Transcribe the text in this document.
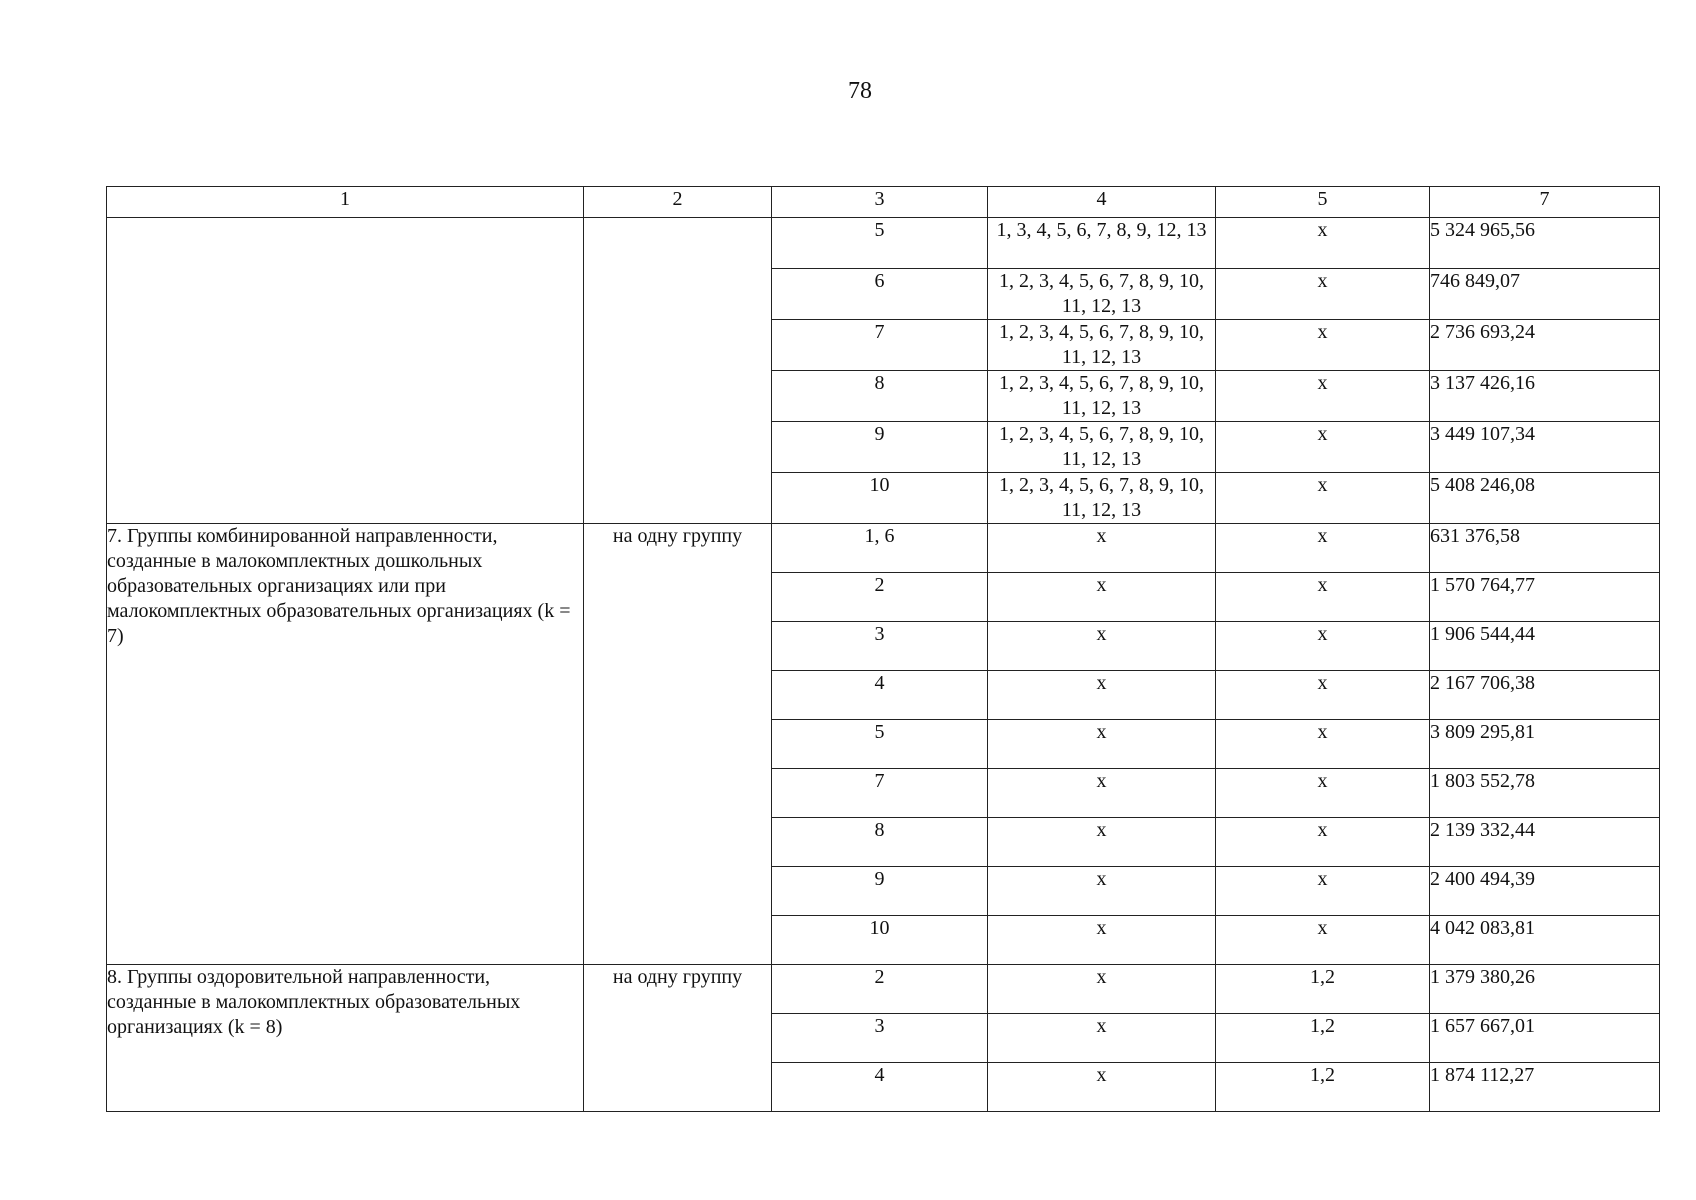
78
1	2	3	4	5	7
		5	1, 3, 4, 5, 6, 7, 8, 9, 12, 13	x	5 324 965,56
		6	1, 2, 3, 4, 5, 6, 7, 8, 9, 10, 11, 12, 13	x	746 849,07
		7	1, 2, 3, 4, 5, 6, 7, 8, 9, 10, 11, 12, 13	x	2 736 693,24
		8	1, 2, 3, 4, 5, 6, 7, 8, 9, 10, 11, 12, 13	x	3 137 426,16
		9	1, 2, 3, 4, 5, 6, 7, 8, 9, 10, 11, 12, 13	x	3 449 107,34
		10	1, 2, 3, 4, 5, 6, 7, 8, 9, 10, 11, 12, 13	x	5 408 246,08
7. Группы комбинированной направленности, созданные в малокомплектных дошкольных образовательных организациях или при малокомплектных образовательных организациях (k = 7)	на одну группу	1, 6	x	x	631 376,58
		2	x	x	1 570 764,77
		3	x	x	1 906 544,44
		4	x	x	2 167 706,38
		5	x	x	3 809 295,81
		7	x	x	1 803 552,78
		8	x	x	2 139 332,44
		9	x	x	2 400 494,39
		10	x	x	4 042 083,81
8. Группы оздоровительной направленности, созданные в малокомплектных образовательных организациях (k = 8)	на одну группу	2	x	1,2	1 379 380,26
		3	x	1,2	1 657 667,01
		4	x	1,2	1 874 112,27
